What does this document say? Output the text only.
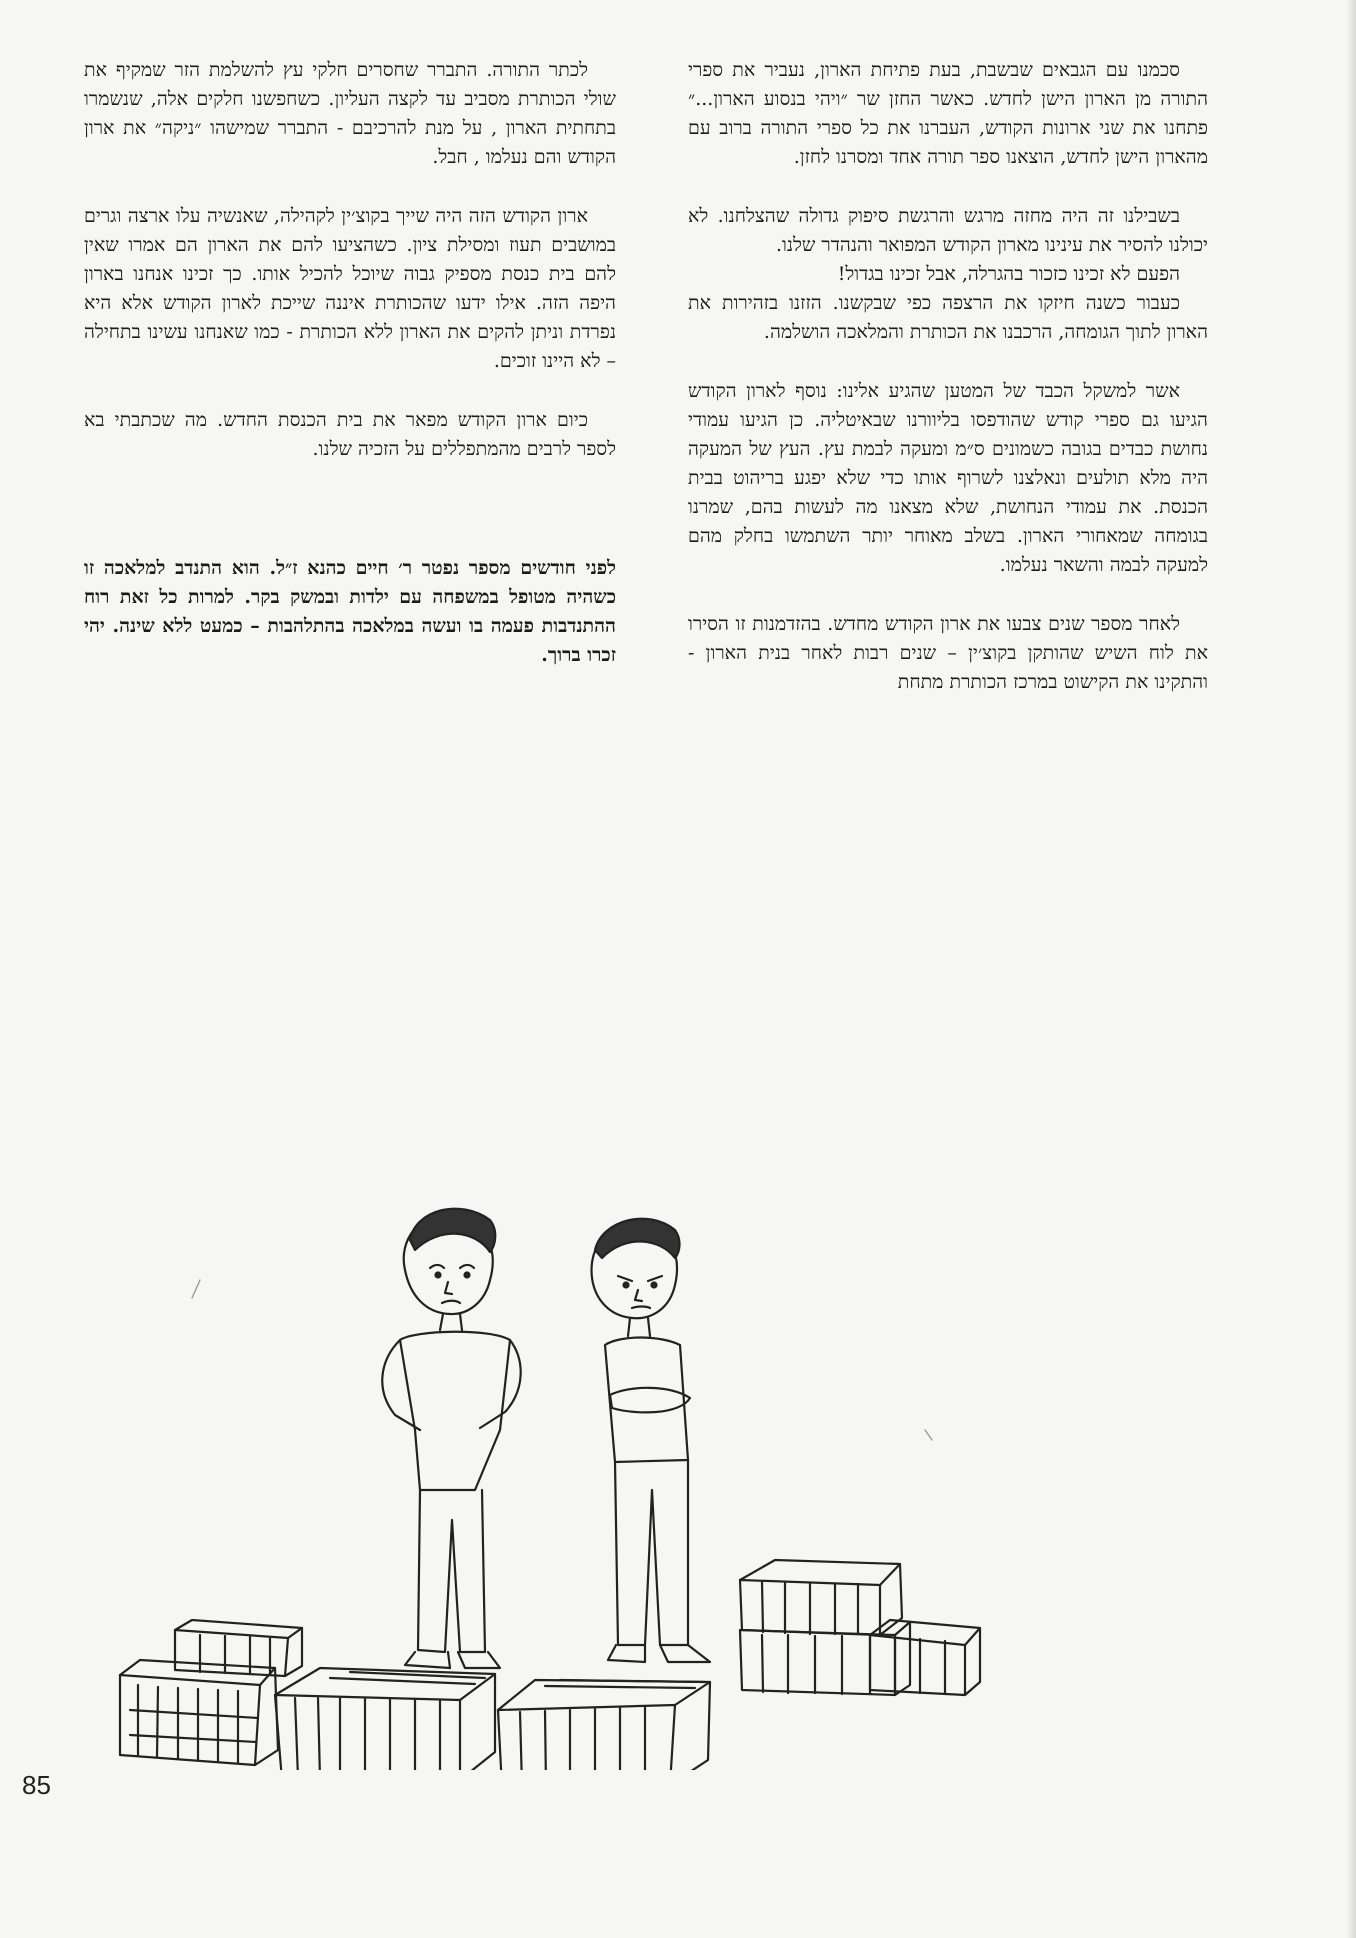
סכמנו עם הגבאים שבשבת, בעת פתיחת הארון, נעביר את ספרי התורה מן הארון הישן לחדש. כאשר החזן שר ״ויהי בנסוע הארון...״ פתחנו את שני ארונות הקודש, העברנו את כל ספרי התורה ברוב עם מהארון הישן לחדש, הוצאנו ספר תורה אחד ומסרנו לחזן.

בשבילנו זה היה מחזה מרגש והרגשת סיפוק גדולה שהצלחנו. לא יכולנו להסיר את עינינו מארון הקודש המפואר והנהדר שלנו.

הפעם לא זכינו כזכור בהגרלה, אבל זכינו בגדול!

כעבור כשנה חיזקו את הרצפה כפי שבקשנו. הזזנו בזהירות את הארון לתוך הגומחה, הרכבנו את הכותרת והמלאכה הושלמה.

אשר למשקל הכבד של המטען שהגיע אלינו: נוסף לארון הקודש הגיעו גם ספרי קודש שהודפסו בליוורנו שבאיטליה. כן הגיעו עמודי נחושת כבדים בגובה כשמונים ס״מ ומעקה לבמת עץ. העץ של המעקה היה מלא תולעים ונאלצנו לשרוף אותו כדי שלא יפגע בריהוט בבית הכנסת. את עמודי הנחושת, שלא מצאנו מה לעשות בהם, שמרנו בגומחה שמאחורי הארון. בשלב מאוחר יותר השתמשו בחלק מהם למעקה לבמה והשאר נעלמו.

לאחר מספר שנים צבעו את ארון הקודש מחדש. בהזדמנות זו הסירו את לוח השיש שהותקן בקוצ׳ין – שנים רבות לאחר בנית הארון - והתקינו את הקישוט במרכז הכותרת מתחת

לכתר התורה. התברר שחסרים חלקי עץ להשלמת הזר שמקיף את שולי הכותרת מסביב עד לקצה העליון. כשחפשנו חלקים אלה, שנשמרו בתחתית הארון , על מנת להרכיבם - התברר שמישהו ״ניקה״ את ארון הקודש והם נעלמו , חבל.

ארון הקודש הזה היה שייך בקוצ׳ין לקהילה, שאנשיה עלו ארצה וגרים במושבים תעוז ומסילת ציון. כשהציעו להם את הארון הם אמרו שאין להם בית כנסת מספיק גבוה שיוכל להכיל אותו. כך זכינו אנחנו בארון היפה הזה. אילו ידעו שהכותרת איננה שייכת לארון הקודש אלא היא נפרדת וניתן להקים את הארון ללא הכותרת - כמו שאנחנו עשינו בתחילה – לא היינו זוכים.

כיום ארון הקודש מפאר את בית הכנסת החדש. מה שכתבתי בא לספר לרבים מהמתפללים על הזכיה שלנו.

לפני חודשים מספר נפטר ר׳ חיים כהנא ז״ל. הוא התנדב למלאכה זו כשהיה מטופל במשפחה עם ילדות ובמשק בקר. למרות כל זאת רוח ההתנדבות פעמה בו ועשה במלאכה בהתלהבות – כמעט ללא שינה. יהי זכרו ברוך.

85
